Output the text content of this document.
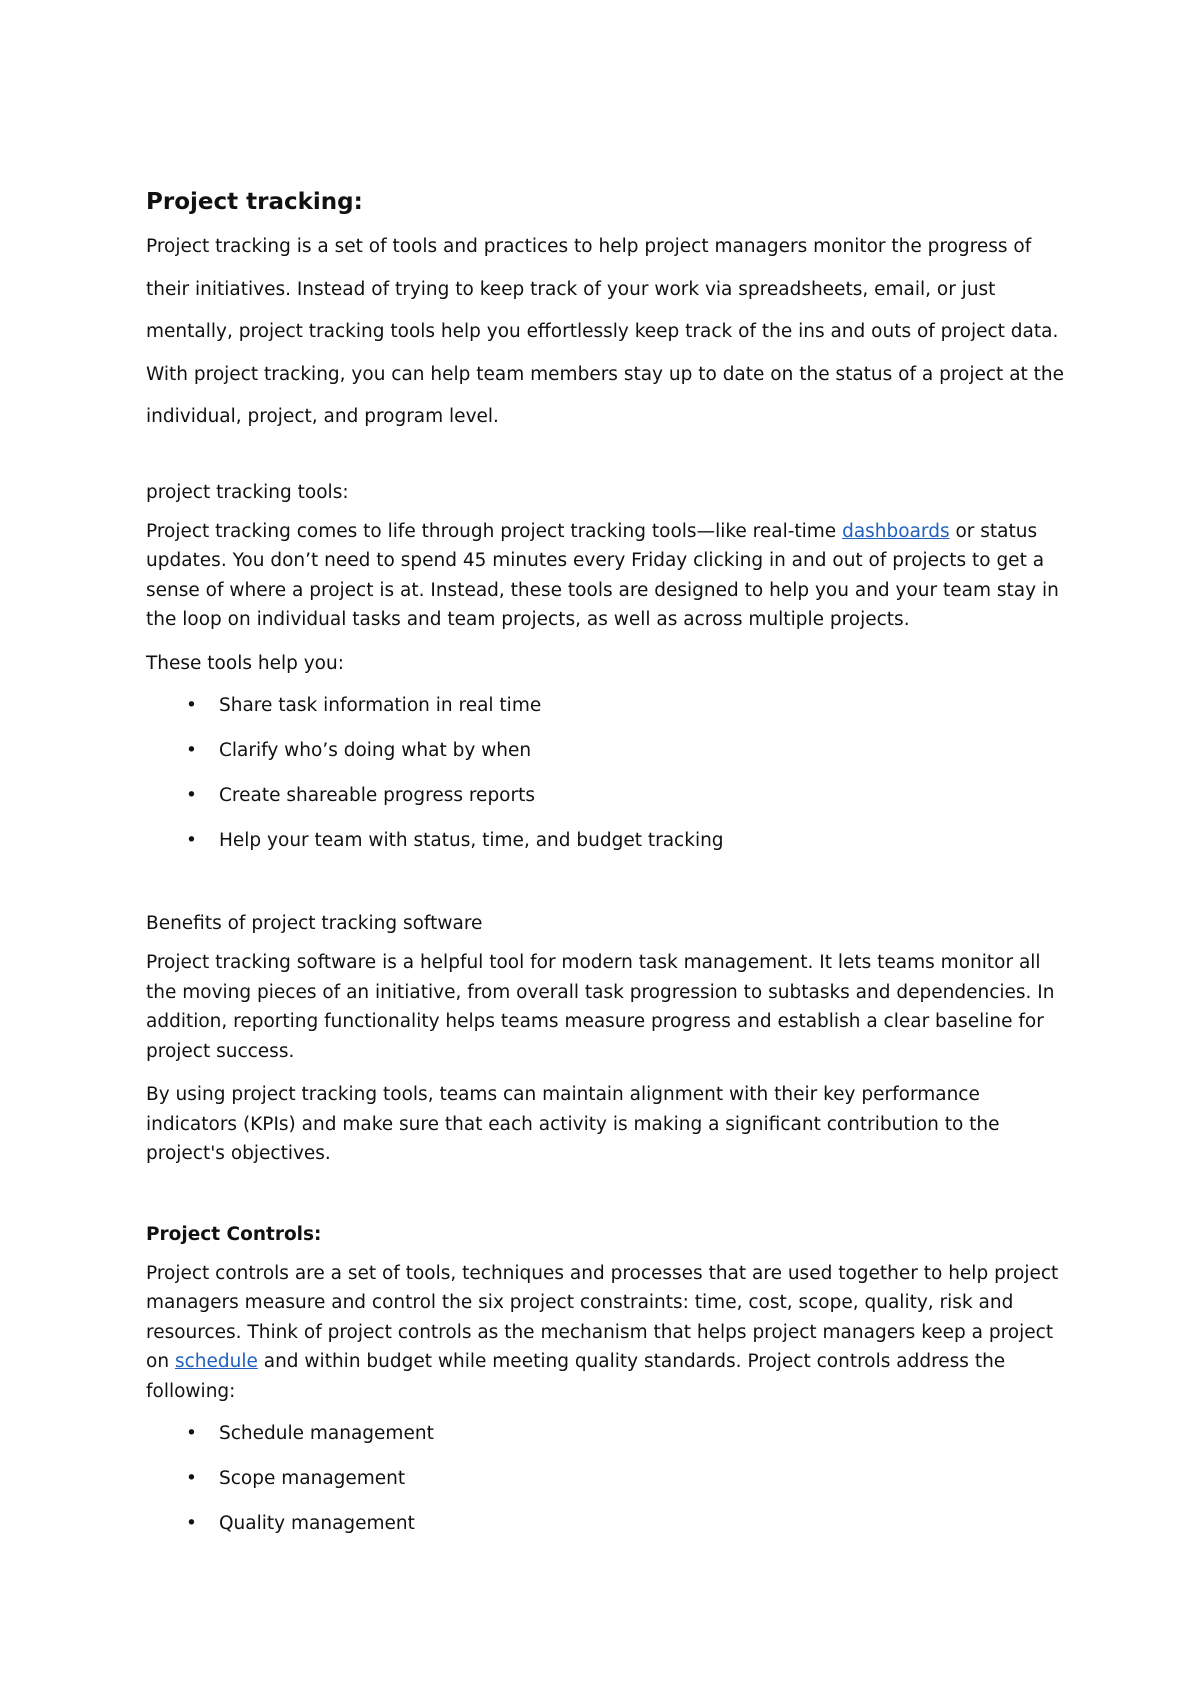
Project tracking:

Project tracking is a set of tools and practices to help project managers monitor the progress of their initiatives. Instead of trying to keep track of your work via spreadsheets, email, or just mentally, project tracking tools help you effortlessly keep track of the ins and outs of project data. With project tracking, you can help team members stay up to date on the status of a project at the individual, project, and program level.

project tracking tools:

Project tracking comes to life through project tracking tools—like real-time dashboards or status updates. You don’t need to spend 45 minutes every Friday clicking in and out of projects to get a sense of where a project is at. Instead, these tools are designed to help you and your team stay in the loop on individual tasks and team projects, as well as across multiple projects.

These tools help you:

• Share task information in real time
• Clarify who’s doing what by when
• Create shareable progress reports
• Help your team with status, time, and budget tracking
Benefits of project tracking software

Project tracking software is a helpful tool for modern task management. It lets teams monitor all the moving pieces of an initiative, from overall task progression to subtasks and dependencies. In addition, reporting functionality helps teams measure progress and establish a clear baseline for project success.

By using project tracking tools, teams can maintain alignment with their key performance indicators (KPIs) and make sure that each activity is making a significant contribution to the project's objectives.

Project Controls:

Project controls are a set of tools, techniques and processes that are used together to help project managers measure and control the six project constraints: time, cost, scope, quality, risk and resources. Think of project controls as the mechanism that helps project managers keep a project on schedule and within budget while meeting quality standards. Project controls address the following:

• Schedule management
• Scope management
• Quality management
